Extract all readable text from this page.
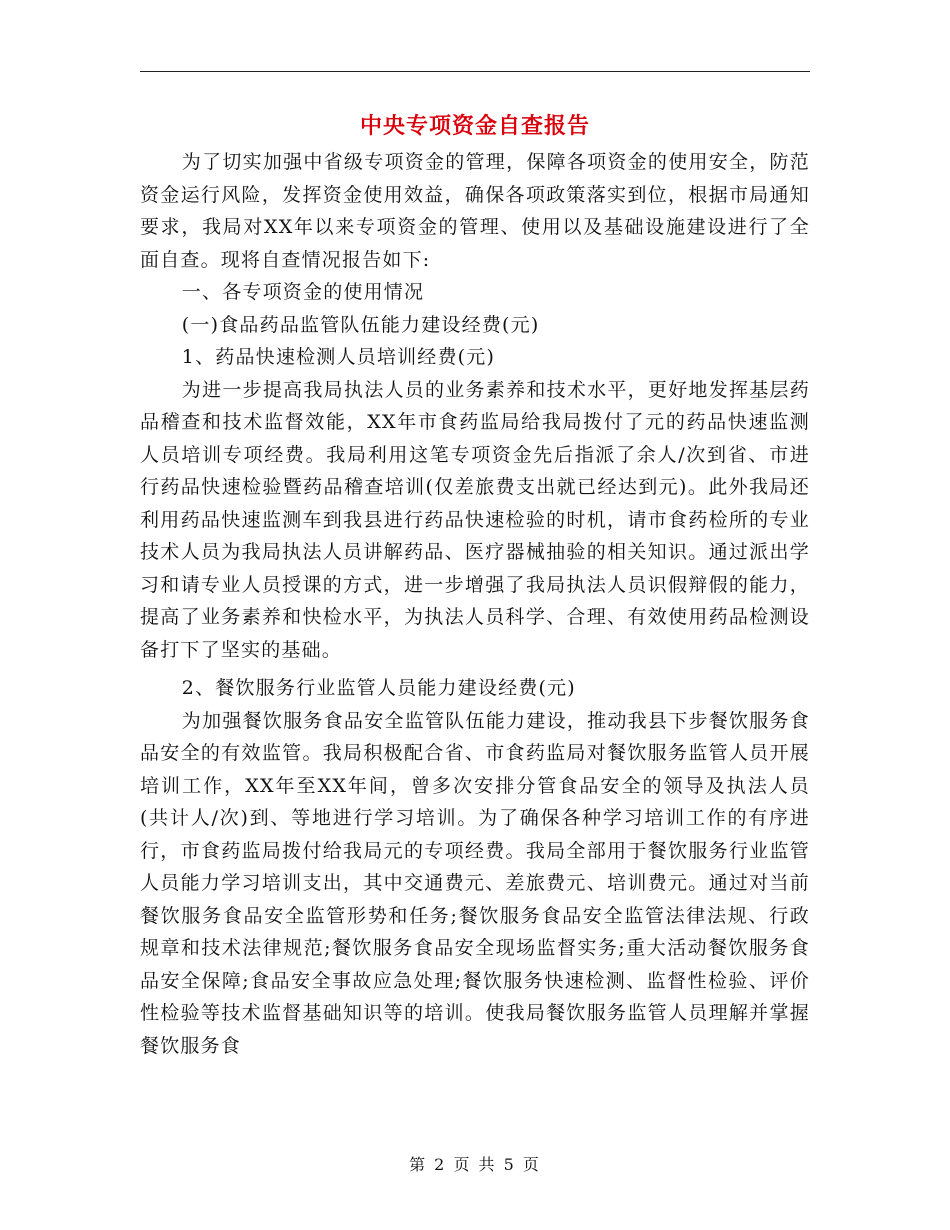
中央专项资金自查报告

为了切实加强中省级专项资金的管理，保障各项资金的使用安全，防范资金运行风险，发挥资金使用效益，确保各项政策落实到位，根据市局通知要求，我局对XX年以来专项资金的管理、使用以及基础设施建设进行了全面自查。现将自查情况报告如下:

一、各专项资金的使用情况

(一)食品药品监管队伍能力建设经费(元)

1、药品快速检测人员培训经费(元)

为进一步提高我局执法人员的业务素养和技术水平，更好地发挥基层药品稽查和技术监督效能，XX年市食药监局给我局拨付了元的药品快速监测人员培训专项经费。我局利用这笔专项资金先后指派了余人/次到省、市进行药品快速检验暨药品稽查培训(仅差旅费支出就已经达到元)。此外我局还利用药品快速监测车到我县进行药品快速检验的时机，请市食药检所的专业技术人员为我局执法人员讲解药品、医疗器械抽验的相关知识。通过派出学习和请专业人员授课的方式，进一步增强了我局执法人员识假辩假的能力，提高了业务素养和快检水平，为执法人员科学、合理、有效使用药品检测设备打下了坚实的基础。

2、餐饮服务行业监管人员能力建设经费(元)

为加强餐饮服务食品安全监管队伍能力建设，推动我县下步餐饮服务食品安全的有效监管。我局积极配合省、市食药监局对餐饮服务监管人员开展培训工作，XX年至XX年间，曾多次安排分管食品安全的领导及执法人员(共计人/次)到、等地进行学习培训。为了确保各种学习培训工作的有序进行，市食药监局拨付给我局元的专项经费。我局全部用于餐饮服务行业监管人员能力学习培训支出，其中交通费元、差旅费元、培训费元。通过对当前餐饮服务食品安全监管形势和任务;餐饮服务食品安全监管法律法规、行政规章和技术法律规范;餐饮服务食品安全现场监督实务;重大活动餐饮服务食品安全保障;食品安全事故应急处理;餐饮服务快速检测、监督性检验、评价性检验等技术监督基础知识等的培训。使我局餐饮服务监管人员理解并掌握餐饮服务食

第 2 页 共 5 页
